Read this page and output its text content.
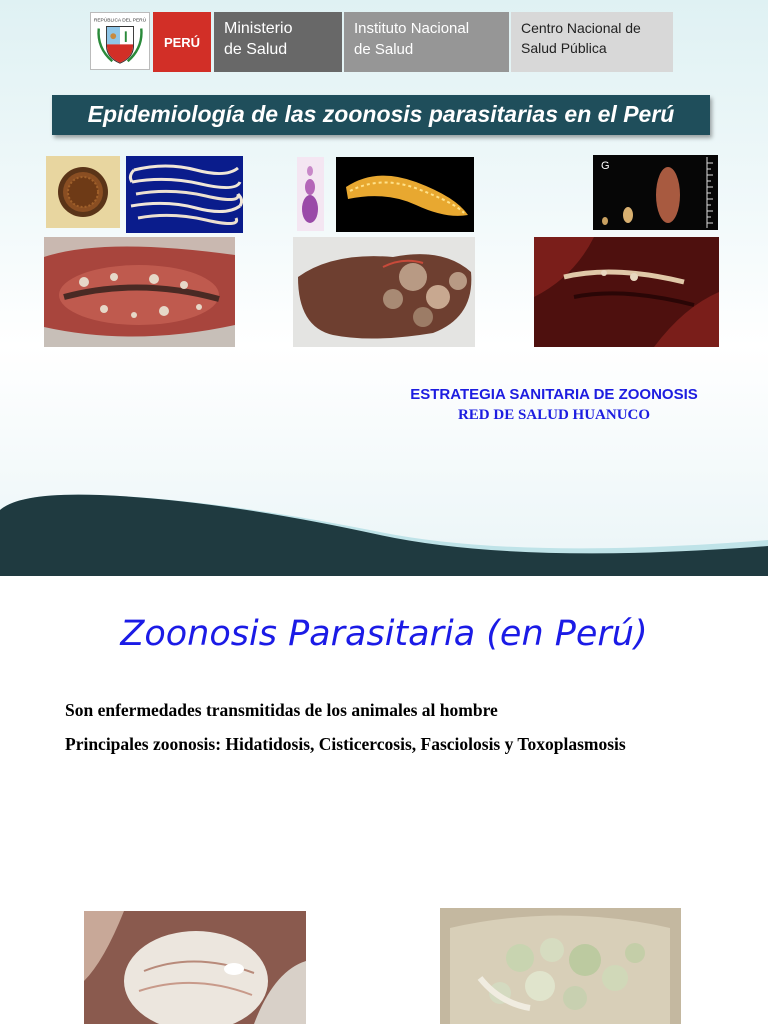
REPÚBLICA DEL PERÚ
PERÚ
Ministerio
de Salud
Instituto Nacional
de Salud
Centro Nacional de
Salud Pública
Epidemiología de las zoonosis parasitarias en el Perú
G
ESTRATEGIA SANITARIA DE ZOONOSIS
RED DE SALUD HUANUCO
Zoonosis Parasitaria (en Perú)
Son enfermedades transmitidas de los animales al hombre
Principales zoonosis: Hidatidosis, Cisticercosis, Fasciolosis y Toxoplasmosis
